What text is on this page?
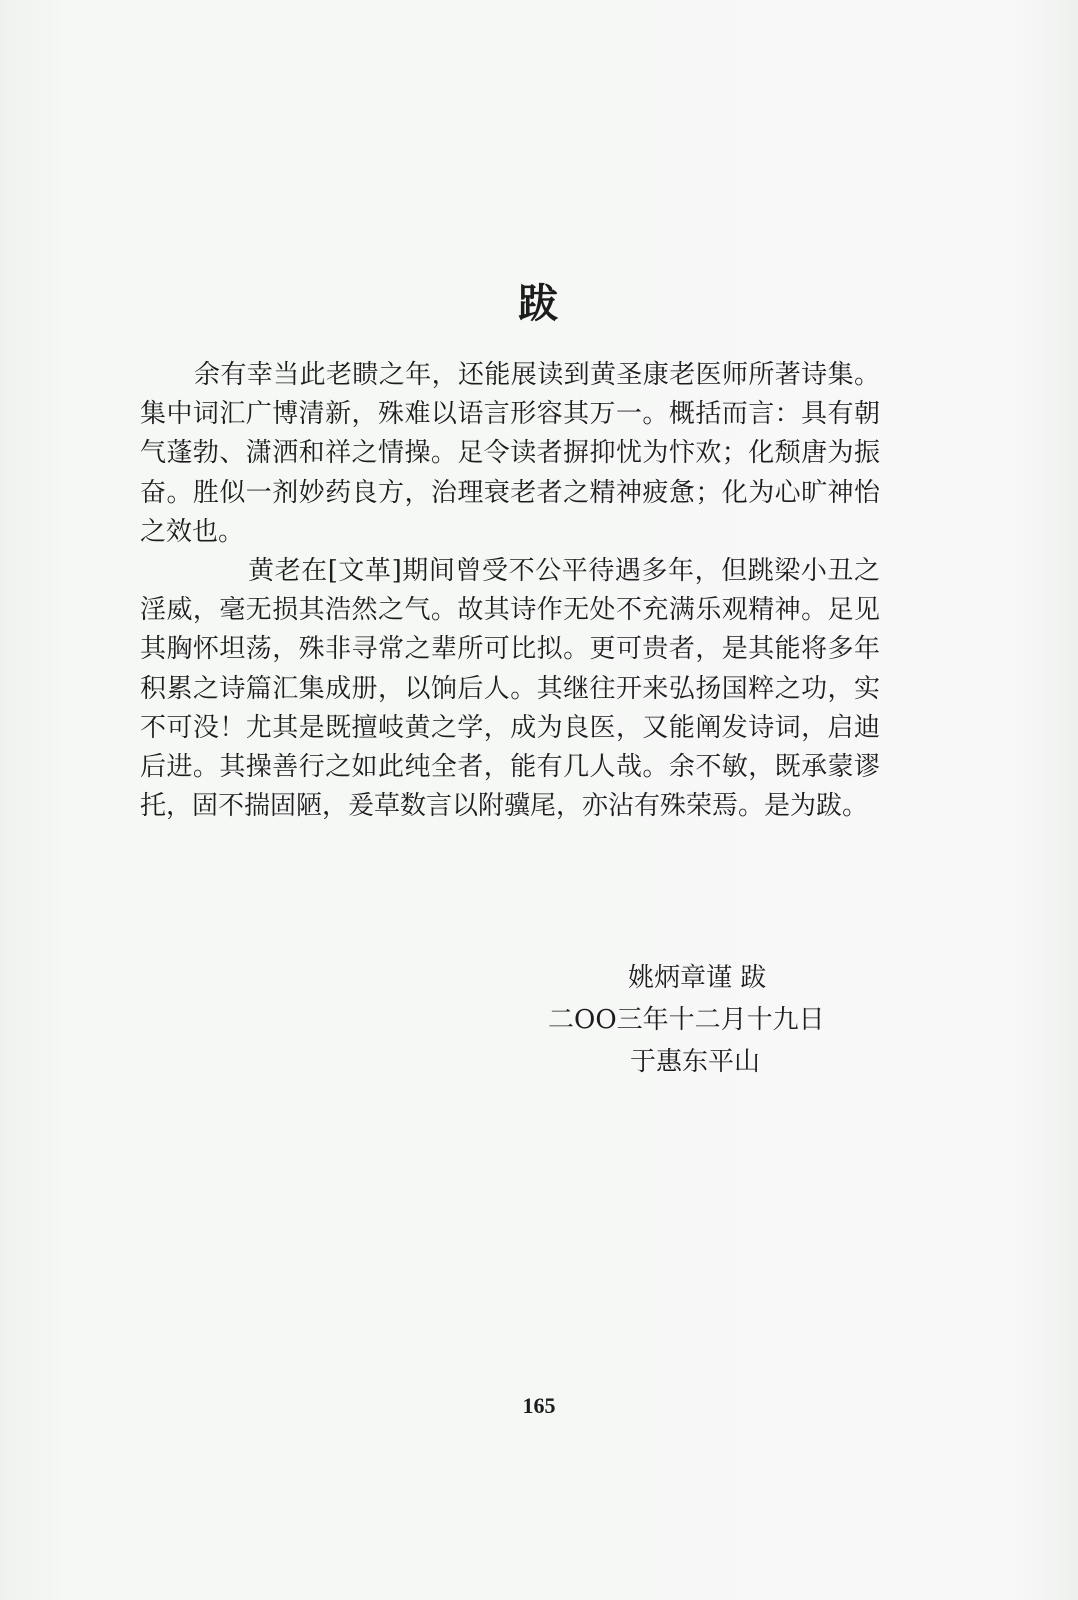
跋

余有幸当此老瞆之年，还能展读到黄圣康老医师所著诗集。集中词汇广博清新，殊难以语言形容其万一。概括而言：具有朝气蓬勃、潇洒和祥之情操。足令读者摒抑忧为忭欢；化颓唐为振奋。胜似一剂妙药良方，治理衰老者之精神疲惫；化为心旷神怡之效也。

黄老在[文革]期间曾受不公平待遇多年，但跳梁小丑之淫威，毫无损其浩然之气。故其诗作无处不充满乐观精神。足见其胸怀坦荡，殊非寻常之辈所可比拟。更可贵者，是其能将多年积累之诗篇汇集成册，以饷后人。其继往开来弘扬国粹之功，实不可没！尤其是既擅岐黄之学，成为良医，又能阐发诗词，启迪后进。其操善行之如此纯全者，能有几人哉。余不敏，既承蒙谬托，固不揣固陋，爰草数言以附骥尾，亦沾有殊荣焉。是为跋。

姚炳章谨 跋
二OO三年十二月十九日
于惠东平山
165
